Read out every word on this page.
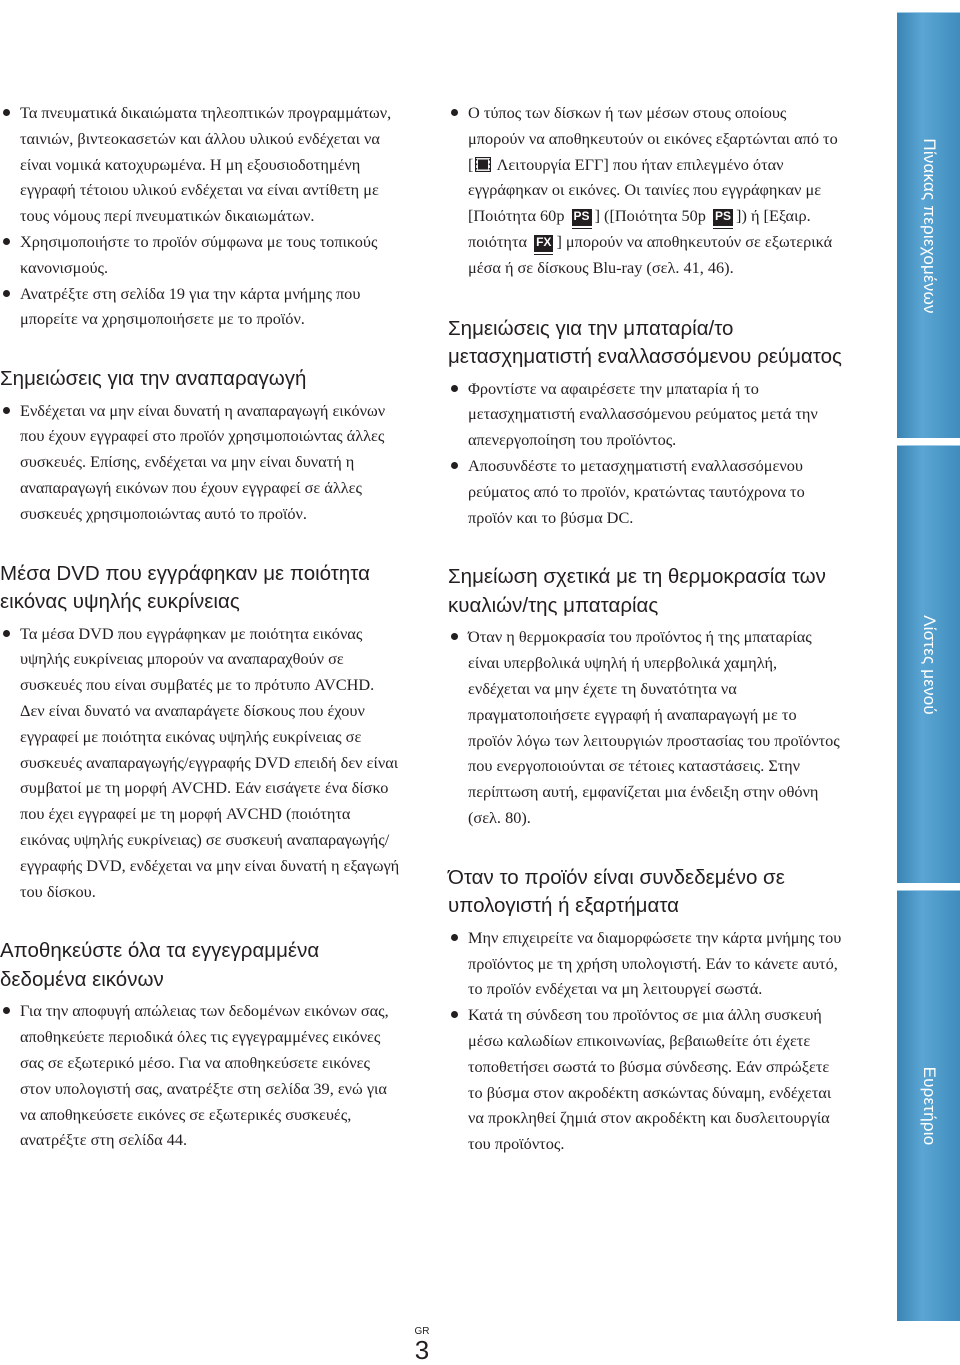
Τα πνευματικά δικαιώματα τηλεοπτικών προγραμμάτων, ταινιών, βιντεοκασετών και άλλου υλικού ενδέχεται να είναι νομικά κατοχυρωμένα. Η μη εξουσιοδοτημένη εγγραφή τέτοιου υλικού ενδέχεται να είναι αντίθετη με τους νόμους περί πνευματικών δικαιωμάτων.
Χρησιμοποιήστε το προϊόν σύμφωνα με τους τοπικούς κανονισμούς.
Ανατρέξτε στη σελίδα 19 για την κάρτα μνήμης που μπορείτε να χρησιμοποιήσετε με το προϊόν.
Σημειώσεις για την αναπαραγωγή
Ενδέχεται να μην είναι δυνατή η αναπαραγωγή εικόνων που έχουν εγγραφεί στο προϊόν χρησιμοποιώντας άλλες συσκευές. Επίσης, ενδέχεται να μην είναι δυνατή η αναπαραγωγή εικόνων που έχουν εγγραφεί σε άλλες συσκευές χρησιμοποιώντας αυτό το προϊόν.
Μέσα DVD που εγγράφηκαν με ποιότητα εικόνας υψηλής ευκρίνειας
Τα μέσα DVD που εγγράφηκαν με ποιότητα εικόνας υψηλής ευκρίνειας μπορούν να αναπαραχθούν σε συσκευές που είναι συμβατές με το πρότυπο AVCHD. Δεν είναι δυνατό να αναπαράγετε δίσκους που έχουν εγγραφεί με ποιότητα εικόνας υψηλής ευκρίνειας σε συσκευές αναπαραγωγής/εγγραφής DVD επειδή δεν είναι συμβατοί με τη μορφή AVCHD. Εάν εισάγετε ένα δίσκο που έχει εγγραφεί με τη μορφή AVCHD (ποιότητα εικόνας υψηλής ευκρίνειας) σε συσκευή αναπαραγωγής/εγγραφής DVD, ενδέχεται να μην είναι δυνατή η εξαγωγή του δίσκου.
Αποθηκεύστε όλα τα εγγεγραμμένα δεδομένα εικόνων
Για την αποφυγή απώλειας των δεδομένων εικόνων σας, αποθηκεύετε περιοδικά όλες τις εγγεγραμμένες εικόνες σας σε εξωτερικό μέσο. Για να αποθηκεύσετε εικόνες στον υπολογιστή σας, ανατρέξτε στη σελίδα 39, ενώ για να αποθηκεύσετε εικόνες σε εξωτερικές συσκευές, ανατρέξτε στη σελίδα 44.
Ο τύπος των δίσκων ή των μέσων στους οποίους μπορούν να αποθηκευτούν οι εικόνες εξαρτώνται από το [ Λειτουργία ΕΓΓ] που ήταν επιλεγμένο όταν εγγράφηκαν οι εικόνες. Οι ταινίες που εγγράφηκαν με [Ποιότητα 60p PS ] ([Ποιότητα 50p PS ]) ή [Εξαιρ. ποιότητα FX ] μπορούν να αποθηκευτούν σε εξωτερικά μέσα ή σε δίσκους Blu-ray (σελ. 41, 46).
Σημειώσεις για την μπαταρία/το μετασχηματιστή εναλλασσόμενου ρεύματος
Φροντίστε να αφαιρέσετε την μπαταρία ή το μετασχηματιστή εναλλασσόμενου ρεύματος μετά την απενεργοποίηση του προϊόντος.
Αποσυνδέστε το μετασχηματιστή εναλλασσόμενου ρεύματος από το προϊόν, κρατώντας ταυτόχρονα το προϊόν και το βύσμα DC.
Σημείωση σχετικά με τη θερμοκρασία των κυαλιών/της μπαταρίας
Όταν η θερμοκρασία του προϊόντος ή της μπαταρίας είναι υπερβολικά υψηλή ή υπερβολικά χαμηλή, ενδέχεται να μην έχετε τη δυνατότητα να πραγματοποιήσετε εγγραφή ή αναπαραγωγή με το προϊόν λόγω των λειτουργιών προστασίας του προϊόντος που ενεργοποιούνται σε τέτοιες καταστάσεις. Στην περίπτωση αυτή, εμφανίζεται μια ένδειξη στην οθόνη (σελ. 80).
Όταν το προϊόν είναι συνδεδεμένο σε υπολογιστή ή εξαρτήματα
Μην επιχειρείτε να διαμορφώσετε την κάρτα μνήμης του προϊόντος με τη χρήση υπολογιστή. Εάν το κάνετε αυτό, το προϊόν ενδέχεται να μη λειτουργεί σωστά.
Κατά τη σύνδεση του προϊόντος σε μια άλλη συσκευή μέσω καλωδίων επικοινωνίας, βεβαιωθείτε ότι έχετε τοποθετήσει σωστά το βύσμα σύνδεσης. Εάν σπρώξετε το βύσμα στον ακροδέκτη ασκώντας δύναμη, ενδέχεται να προκληθεί ζημιά στον ακροδέκτη και δυσλειτουργία του προϊόντος.
Πίνακας περιεχομένων
Λίστες μενού
Ευρετήριο
GR
3
